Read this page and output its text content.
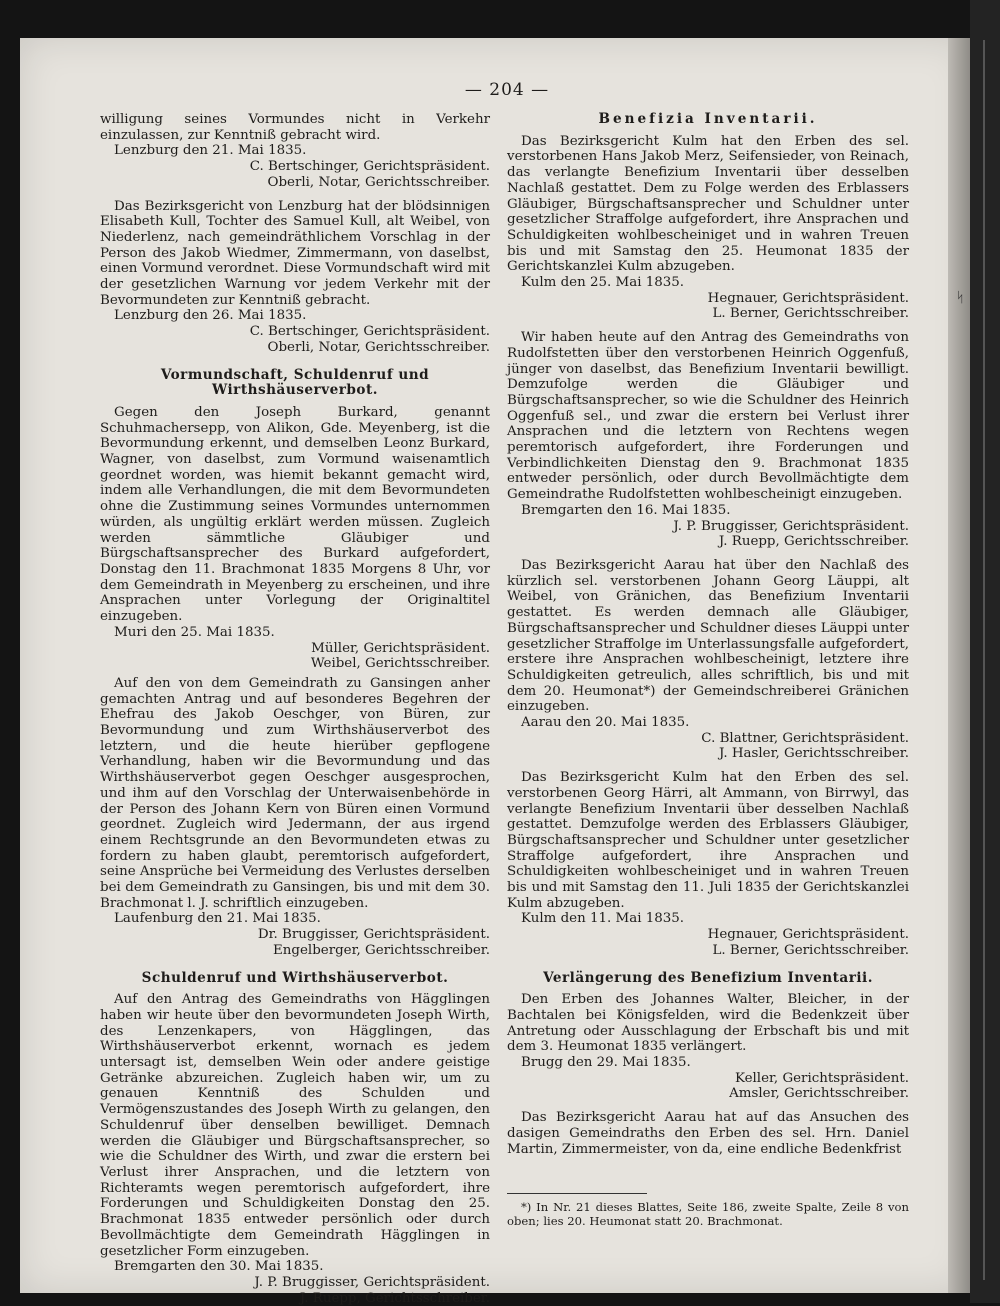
ᛋ
— 204 —

willigung seines Vormundes nicht in Verkehr einzulassen, zur Kenntniß gebracht wird.

Lenzburg den 21. Mai 1835.

C. Bertschinger, Gerichtspräsident.

Oberli, Notar, Gerichtsschreiber.

Das Bezirksgericht von Lenzburg hat der blödsinnigen Elisabeth Kull, Tochter des Samuel Kull, alt Weibel, von Niederlenz, nach gemeindräthlichem Vorschlag in der Person des Jakob Wiedmer, Zimmermann, von daselbst, einen Vormund verordnet. Diese Vormundschaft wird mit der gesetzlichen Warnung vor jedem Verkehr mit der Bevormundeten zur Kenntniß gebracht.

Lenzburg den 26. Mai 1835.

C. Bertschinger, Gerichtspräsident.

Oberli, Notar, Gerichtsschreiber.

Vormundschaft, Schuldenruf und Wirthshäuserverbot.

Gegen den Joseph Burkard, genannt Schuhmachersepp, von Alikon, Gde. Meyenberg, ist die Bevormundung erkennt, und demselben Leonz Burkard, Wagner, von daselbst, zum Vormund waisenamtlich geordnet worden, was hiemit bekannt gemacht wird, indem alle Verhandlungen, die mit dem Bevormundeten ohne die Zustimmung seines Vormundes unternommen würden, als ungültig erklärt werden müssen. Zugleich werden sämmtliche Gläubiger und Bürgschaftsansprecher des Burkard aufgefordert, Donstag den 11. Brachmonat 1835 Morgens 8 Uhr, vor dem Gemeindrath in Meyenberg zu erscheinen, und ihre Ansprachen unter Vorlegung der Originaltitel einzugeben.

Muri den 25. Mai 1835.

Müller, Gerichtspräsident.

Weibel, Gerichtsschreiber.

Auf den von dem Gemeindrath zu Gansingen anher gemachten Antrag und auf besonderes Begehren der Ehefrau des Jakob Oeschger, von Büren, zur Bevormundung und zum Wirthshäuserverbot des letztern, und die heute hierüber gepflogene Verhandlung, haben wir die Bevormundung und das Wirthshäuserverbot gegen Oeschger ausgesprochen, und ihm auf den Vorschlag der Unterwaisenbehörde in der Person des Johann Kern von Büren einen Vormund geordnet. Zugleich wird Jedermann, der aus irgend einem Rechtsgrunde an den Bevormundeten etwas zu fordern zu haben glaubt, peremtorisch aufgefordert, seine Ansprüche bei Vermeidung des Verlustes derselben bei dem Gemeindrath zu Gansingen, bis und mit dem 30. Brachmonat l. J. schriftlich einzugeben.

Laufenburg den 21. Mai 1835.

Dr. Bruggisser, Gerichtspräsident.

Engelberger, Gerichtsschreiber.

Schuldenruf und Wirthshäuserverbot.

Auf den Antrag des Gemeindraths von Hägglingen haben wir heute über den bevormundeten Joseph Wirth, des Lenzenkapers, von Hägglingen, das Wirthshäuserverbot erkennt, wornach es jedem untersagt ist, demselben Wein oder andere geistige Getränke abzureichen. Zugleich haben wir, um zu genauen Kenntniß des Schulden und Vermögenszustandes des Joseph Wirth zu gelangen, den Schuldenruf über denselben bewilliget. Demnach werden die Gläubiger und Bürgschaftsansprecher, so wie die Schuldner des Wirth, und zwar die erstern bei Verlust ihrer Ansprachen, und die letztern von Richteramts wegen peremtorisch aufgefordert, ihre Forderungen und Schuldigkeiten Donstag den 25. Brachmonat 1835 entweder persönlich oder durch Bevollmächtigte dem Gemeindrath Hägglingen in gesetzlicher Form einzugeben.

Bremgarten den 30. Mai 1835.

J. P. Bruggisser, Gerichtspräsident.

J. Ruepp, Gerichtsschreiber.

Benefizia Inventarii.

Das Bezirksgericht Kulm hat den Erben des sel. verstorbenen Hans Jakob Merz, Seifensieder, von Reinach, das verlangte Benefizium Inventarii über desselben Nachlaß gestattet. Dem zu Folge werden des Erblassers Gläubiger, Bürgschaftsansprecher und Schuldner unter gesetzlicher Straffolge aufgefordert, ihre Ansprachen und Schuldigkeiten wohlbescheiniget und in wahren Treuen bis und mit Samstag den 25. Heumonat 1835 der Gerichtskanzlei Kulm abzugeben.

Kulm den 25. Mai 1835.

Hegnauer, Gerichtspräsident.

L. Berner, Gerichtsschreiber.

Wir haben heute auf den Antrag des Gemeindraths von Rudolfstetten über den verstorbenen Heinrich Oggenfuß, jünger von daselbst, das Benefizium Inventarii bewilligt. Demzufolge werden die Gläubiger und Bürgschaftsansprecher, so wie die Schuldner des Heinrich Oggenfuß sel., und zwar die erstern bei Verlust ihrer Ansprachen und die letztern von Rechtens wegen peremtorisch aufgefordert, ihre Forderungen und Verbindlichkeiten Dienstag den 9. Brachmonat 1835 entweder persönlich, oder durch Bevollmächtigte dem Gemeindrathe Rudolfstetten wohlbescheinigt einzugeben.

Bremgarten den 16. Mai 1835.

J. P. Bruggisser, Gerichtspräsident.

J. Ruepp, Gerichtsschreiber.

Das Bezirksgericht Aarau hat über den Nachlaß des kürzlich sel. verstorbenen Johann Georg Läuppi, alt Weibel, von Gränichen, das Benefizium Inventarii gestattet. Es werden demnach alle Gläubiger, Bürgschaftsansprecher und Schuldner dieses Läuppi unter gesetzlicher Straffolge im Unterlassungsfalle aufgefordert, erstere ihre Ansprachen wohlbescheinigt, letztere ihre Schuldigkeiten getreulich, alles schriftlich, bis und mit dem 20. Heumonat*) der Gemeindschreiberei Gränichen einzugeben.

Aarau den 20. Mai 1835.

C. Blattner, Gerichtspräsident.

J. Hasler, Gerichtsschreiber.

Das Bezirksgericht Kulm hat den Erben des sel. verstorbenen Georg Härri, alt Ammann, von Birrwyl, das verlangte Benefizium Inventarii über desselben Nachlaß gestattet. Demzufolge werden des Erblassers Gläubiger, Bürgschaftsansprecher und Schuldner unter gesetzlicher Straffolge aufgefordert, ihre Ansprachen und Schuldigkeiten wohlbescheiniget und in wahren Treuen bis und mit Samstag den 11. Juli 1835 der Gerichtskanzlei Kulm abzugeben.

Kulm den 11. Mai 1835.

Hegnauer, Gerichtspräsident.

L. Berner, Gerichtsschreiber.

Verlängerung des Benefizium Inventarii.

Den Erben des Johannes Walter, Bleicher, in der Bachtalen bei Königsfelden, wird die Bedenkzeit über Antretung oder Ausschlagung der Erbschaft bis und mit dem 3. Heumonat 1835 verlängert.

Brugg den 29. Mai 1835.

Keller, Gerichtspräsident.

Amsler, Gerichtsschreiber.

Das Bezirksgericht Aarau hat auf das Ansuchen des dasigen Gemeindraths den Erben des sel. Hrn. Daniel Martin, Zimmermeister, von da, eine endliche Bedenkfrist

*) In Nr. 21 dieses Blattes, Seite 186, zweite Spalte, Zeile 8 von oben; lies 20. Heumonat statt 20. Brachmonat.
